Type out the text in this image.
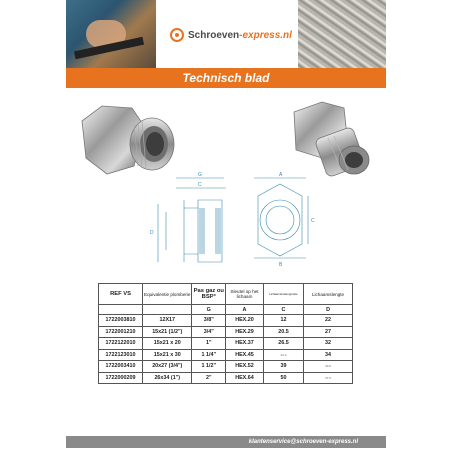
Schroeven-express.nl
Technisch blad
G
C
D
A
C
B
REF VS	Equivalentie plomberie	Pas gaz ou BSP°	Sleutel op het lichaam	Lichaamsbuitengrootte	Lichaamslengte
		G	A	C	D
1722003810	12X17	3/8"	HEX.20	12	22
1722001210	15x21 (1/2")	3/4"	HEX.29	20.5	27
1722122010	15x21 x 20	1"	HEX.37	26.5	32
1722123010	15x21 x 30	1 1/4"	HEX.45	34.0	34
1722003410	20x27 (3/4")	1 1/2"	HEX.52	39	40.0
1722000209	26x34 (1")	2"	HEX.64	50	37.5
klantenservice@schroeven-express.nl
